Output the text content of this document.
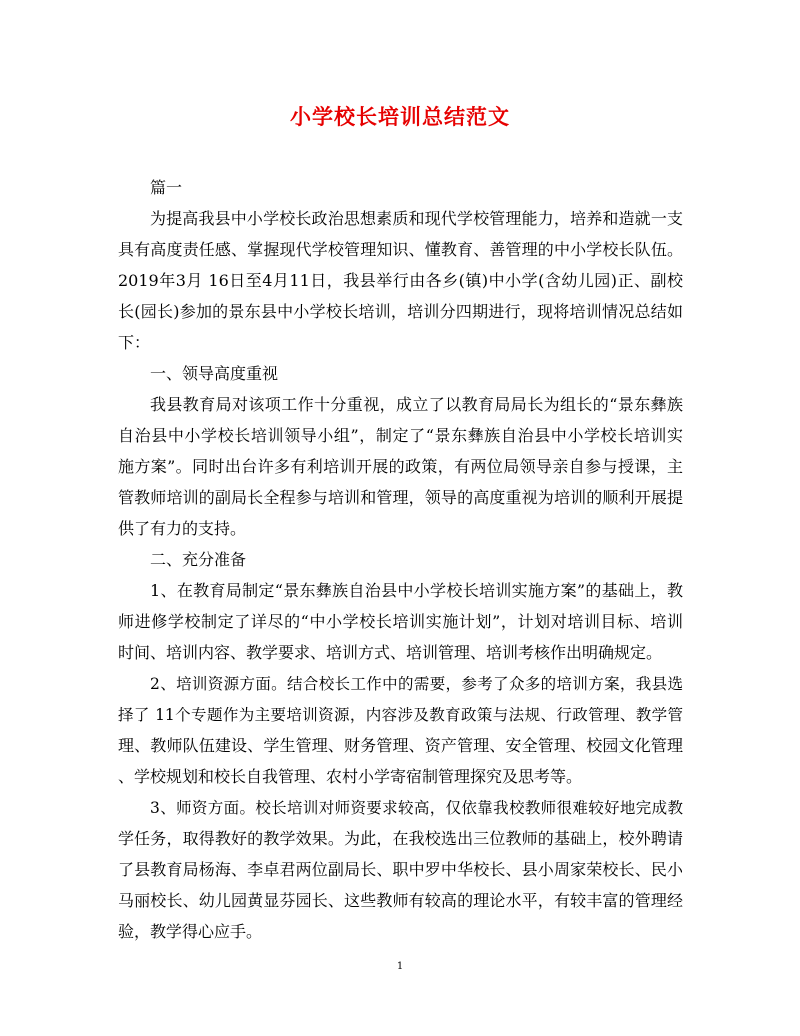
小学校长培训总结范文
篇一
为提高我县中小学校长政治思想素质和现代学校管理能力，培养和造就一支
具有高度责任感、掌握现代学校管理知识、懂教育、善管理的中小学校长队伍。
2019年3月 16日至4月11日，我县举行由各乡(镇)中小学(含幼儿园)正、副校
长(园长)参加的景东县中小学校长培训，培训分四期进行，现将培训情况总结如
下：
一、领导高度重视
我县教育局对该项工作十分重视，成立了以教育局局长为组长的“景东彝族
自治县中小学校长培训领导小组”，制定了“景东彝族自治县中小学校长培训实
施方案”。同时出台许多有利培训开展的政策，有两位局领导亲自参与授课，主
管教师培训的副局长全程参与培训和管理，领导的高度重视为培训的顺利开展提
供了有力的支持。
二、充分准备
1、在教育局制定“景东彝族自治县中小学校长培训实施方案”的基础上，教
师进修学校制定了详尽的“中小学校长培训实施计划”，计划对培训目标、培训
时间、培训内容、教学要求、培训方式、培训管理、培训考核作出明确规定。
2、培训资源方面。结合校长工作中的需要，参考了众多的培训方案，我县选
择了 11个专题作为主要培训资源，内容涉及教育政策与法规、行政管理、教学管
理、教师队伍建设、学生管理、财务管理、资产管理、安全管理、校园文化管理
、学校规划和校长自我管理、农村小学寄宿制管理探究及思考等。
3、师资方面。校长培训对师资要求较高，仅依靠我校教师很难较好地完成教
学任务，取得教好的教学效果。为此，在我校选出三位教师的基础上，校外聘请
了县教育局杨海、李卓君两位副局长、职中罗中华校长、县小周家荣校长、民小
马丽校长、幼儿园黄显芬园长、这些教师有较高的理论水平，有较丰富的管理经
验，教学得心应手。
1
